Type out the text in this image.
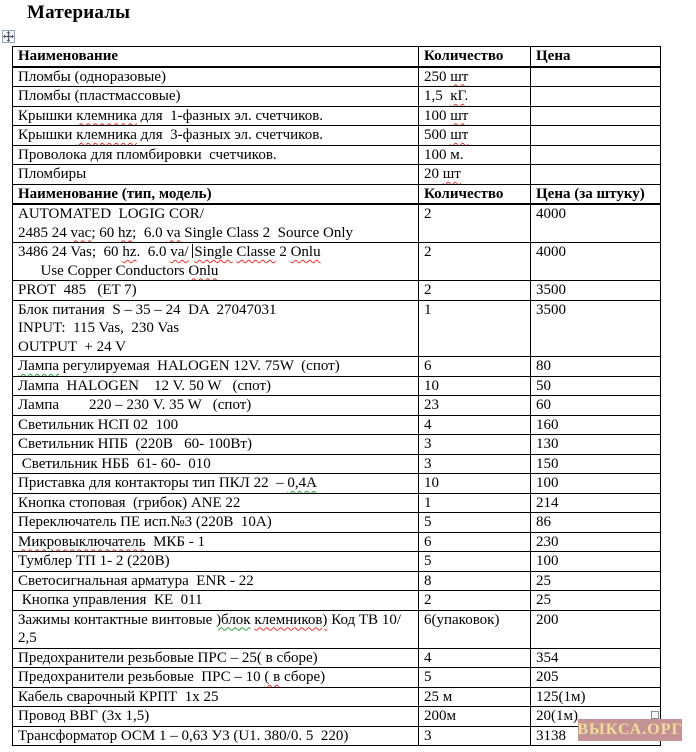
Материалы
Наименование	Количество	Цена

Пломбы (одноразовые)	250 шт	

Пломбы (пластмассовые)	1,5  кГ.	

Крышки клемника для  1-фазных эл. счетчиков.	100 шт	

Крышки клемника для  3-фазных эл. счетчиков.	500 шт	

Проволока для пломбировки  счетчиков.	100 м.	

Пломбиры	20 шт	

Наименование (тип, модель)	Количество	Цена (за штуку)

AUTOMATED  LOGIG COR/
2485 24 vac; 60 hz;  6.0 va Single Class 2  Source Only	2	4000

3486 24 Vas;  60 hz.  6.0 va/ Single Classe 2 Onlu
Use Copper Conductors Onlu	2	4000

PROT  485   (ET 7)	2	3500

Блок питания  S – 35 – 24  DA  27047031
INPUT:  115 Vas,  230 Vas
OUTPUT  + 24 V	1	3500

Лампа регулируемая  HALOGEN 12V. 75W  (спот)	6	80

Лампа  HALOGEN    12 V. 50 W   (спот)	10	50

Лампа        220 – 230 V. 35 W   (спот)	23	60

Светильник НСП 02  100	4	160

Светильник НПБ  (220В   60- 100Вт)	3	130

Светильник НББ  61- 60-  010	3	150

Приставка для контакторы тип ПКЛ 22  – 0,4А	10	100

Кнопка стоповая  (грибок) ANE 22	1	214

Переключатель ПЕ исп.№3 (220В  10А)	5	86

Микровыключатель  МКБ - 1	6	230

Тумблер ТП 1- 2 (220В)	5	100

Светосигнальная арматура  ENR - 22	8	25

Кнопка управления  КЕ  011	2	25

Зажимы контактные винтовые )блок клемников) Код ТВ 10/ 2,5	6(упаковок)	200

Предохранители резьбовые ПРС – 25( в сборе)	4	354

Предохранители резьбовые  ПРС – 10 ( в сборе)	5	205

Кабель сварочный КРПТ  1х 25	25 м	125(1м)

Провод ВВГ (3х 1,5)	200м	20(1м)

Трансформатор ОСМ 1 – 0,63 У3 (U1. 380/0. 5  220)	3	3138 ВЫКСА.ОРГ
